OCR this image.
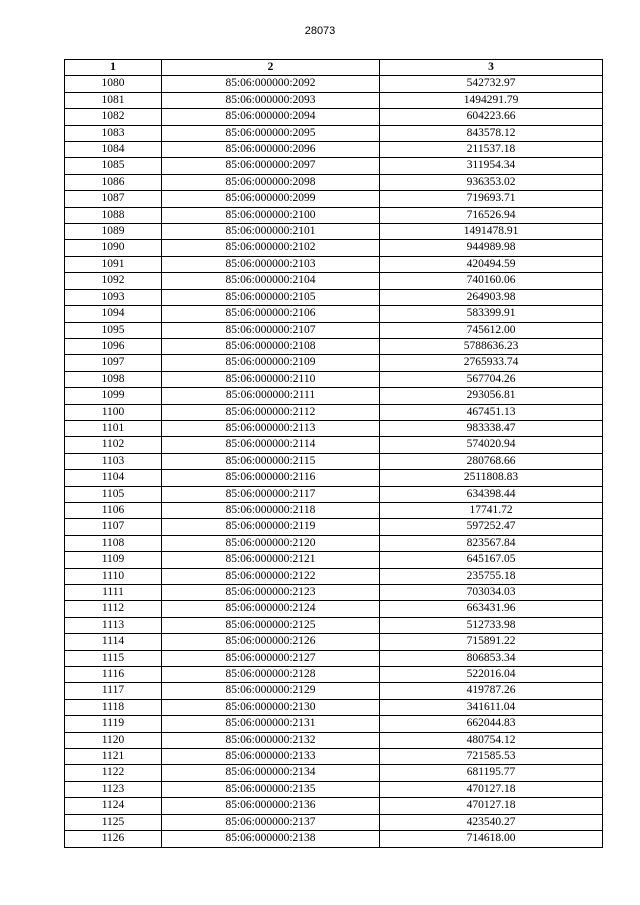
28073
1	2	3
1080	85:06:000000:2092	542732.97
1081	85:06:000000:2093	1494291.79
1082	85:06:000000:2094	604223.66
1083	85:06:000000:2095	843578.12
1084	85:06:000000:2096	211537.18
1085	85:06:000000:2097	311954.34
1086	85:06:000000:2098	936353.02
1087	85:06:000000:2099	719693.71
1088	85:06:000000:2100	716526.94
1089	85:06:000000:2101	1491478.91
1090	85:06:000000:2102	944989.98
1091	85:06:000000:2103	420494.59
1092	85:06:000000:2104	740160.06
1093	85:06:000000:2105	264903.98
1094	85:06:000000:2106	583399.91
1095	85:06:000000:2107	745612.00
1096	85:06:000000:2108	5788636.23
1097	85:06:000000:2109	2765933.74
1098	85:06:000000:2110	567704.26
1099	85:06:000000:2111	293056.81
1100	85:06:000000:2112	467451.13
1101	85:06:000000:2113	983338.47
1102	85:06:000000:2114	574020.94
1103	85:06:000000:2115	280768.66
1104	85:06:000000:2116	2511808.83
1105	85:06:000000:2117	634398.44
1106	85:06:000000:2118	17741.72
1107	85:06:000000:2119	597252.47
1108	85:06:000000:2120	823567.84
1109	85:06:000000:2121	645167.05
1110	85:06:000000:2122	235755.18
1111	85:06:000000:2123	703034.03
1112	85:06:000000:2124	663431.96
1113	85:06:000000:2125	512733.98
1114	85:06:000000:2126	715891.22
1115	85:06:000000:2127	806853.34
1116	85:06:000000:2128	522016.04
1117	85:06:000000:2129	419787.26
1118	85:06:000000:2130	341611.04
1119	85:06:000000:2131	662044.83
1120	85:06:000000:2132	480754.12
1121	85:06:000000:2133	721585.53
1122	85:06:000000:2134	681195.77
1123	85:06:000000:2135	470127.18
1124	85:06:000000:2136	470127.18
1125	85:06:000000:2137	423540.27
1126	85:06:000000:2138	714618.00
